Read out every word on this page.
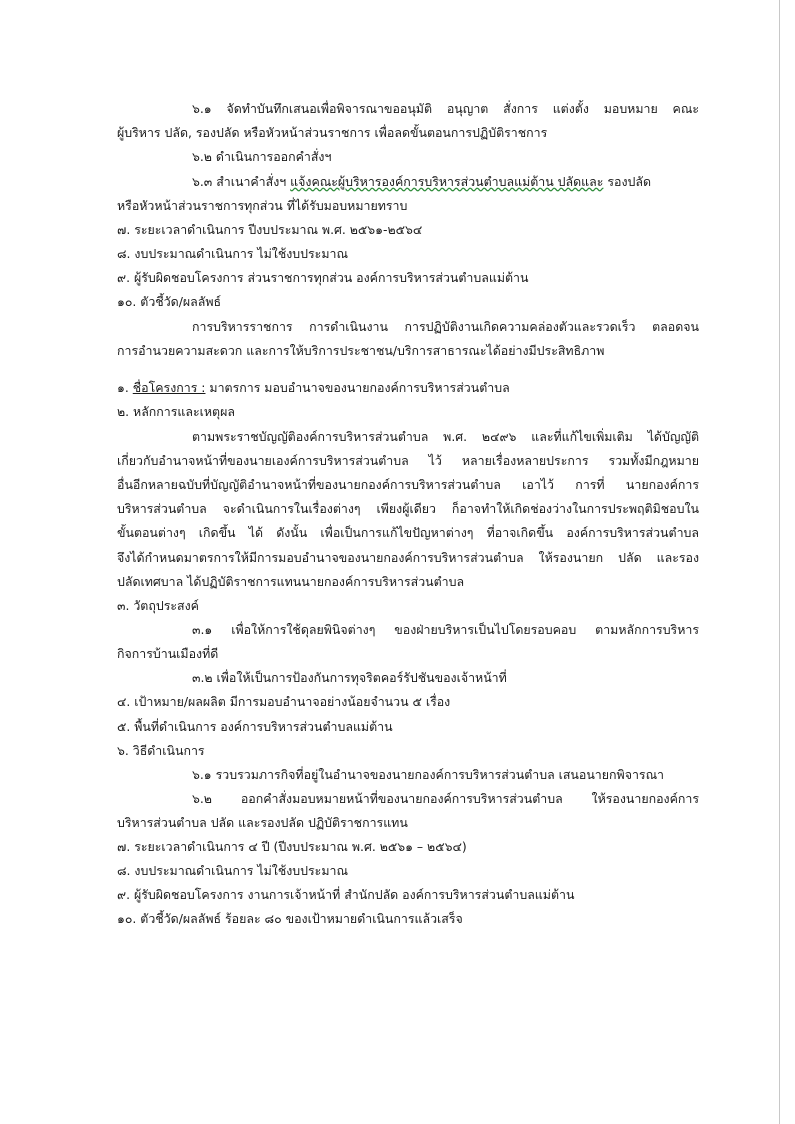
๖.๑ จัดทำบันทึกเสนอเพื่อพิจารณาขออนุมัติ อนุญาต สั่งการ แต่งตั้ง มอบหมาย คณะ
ผู้บริหาร ปลัด, รองปลัด หรือหัวหน้าส่วนราชการ เพื่อลดขั้นตอนการปฏิบัติราชการ
๖.๒ ดำเนินการออกคำสั่งฯ
๖.๓ สำเนาคำสั่งฯ แจ้งคณะผู้บริหารองค์การบริหารส่วนตำบลแม่ต้าน ปลัดและ รองปลัด
หรือหัวหน้าส่วนราชการทุกส่วน ที่ได้รับมอบหมายทราบ
๗. ระยะเวลาดำเนินการ ปีงบประมาณ พ.ศ. ๒๕๖๑-๒๕๖๔
๘. งบประมาณดำเนินการ ไม่ใช้งบประมาณ
๙. ผู้รับผิดชอบโครงการ ส่วนราชการทุกส่วน องค์การบริหารส่วนตำบลแม่ต้าน
๑๐. ตัวชี้วัด/ผลลัพธ์
การบริหารราชการ การดำเนินงาน การปฏิบัติงานเกิดความคล่องตัวและรวดเร็ว ตลอดจน
การอำนวยความสะดวก และการให้บริการประชาชน/บริการสาธารณะได้อย่างมีประสิทธิภาพ
๑. ชื่อโครงการ : มาตรการ มอบอำนาจของนายกองค์การบริหารส่วนตำบล
๒. หลักการและเหตุผล
ตามพระราชบัญญัติองค์การบริหารส่วนตำบล พ.ศ. ๒๔๙๖ และที่แก้ไขเพิ่มเติม ได้บัญญัติ
เกี่ยวกับอำนาจหน้าที่ของนายเองค์การบริหารส่วนตำบล ไว้ หลายเรื่องหลายประการ รวมทั้งมีกฎหมาย
อื่นอีกหลายฉบับที่บัญญัติอำนาจหน้าที่ของนายกองค์การบริหารส่วนตำบล เอาไว้ การที่ นายกองค์การ
บริหารส่วนตำบล จะดำเนินการในเรื่องต่างๆ เพียงผู้เดียว ก็อาจทำให้เกิดช่องว่างในการประพฤติมิชอบใน
ขั้นตอนต่างๆ เกิดขึ้น ได้ ดังนั้น เพื่อเป็นการแก้ไขปัญหาต่างๆ ที่อาจเกิดขึ้น องค์การบริหารส่วนตำบล
จึงได้กำหนดมาตรการให้มีการมอบอำนาจของนายกองค์การบริหารส่วนตำบล ให้รองนายก ปลัด และรอง
ปลัดเทศบาล ได้ปฏิบัติราชการแทนนายกองค์การบริหารส่วนตำบล
๓. วัตถุประสงค์
๓.๑ เพื่อให้การใช้ดุลยพินิจต่างๆ ของฝ่ายบริหารเป็นไปโดยรอบคอบ ตามหลักการบริหาร
กิจการบ้านเมืองที่ดี
๓.๒ เพื่อให้เป็นการป้องกันการทุจริตคอร์รัปชันของเจ้าหน้าที่
๔. เป้าหมาย/ผลผลิต มีการมอบอำนาจอย่างน้อยจำนวน ๕ เรื่อง
๕. พื้นที่ดำเนินการ องค์การบริหารส่วนตำบลแม่ต้าน
๖. วิธีดำเนินการ
๖.๑ รวบรวมภารกิจที่อยู่ในอำนาจของนายกองค์การบริหารส่วนตำบล เสนอนายกพิจารณา
๖.๒ ออกคำสั่งมอบหมายหน้าที่ของนายกองค์การบริหารส่วนตำบล ให้รองนายกองค์การ
บริหารส่วนตำบล ปลัด และรองปลัด ปฏิบัติราชการแทน
๗. ระยะเวลาดำเนินการ ๔ ปี (ปีงบประมาณ พ.ศ. ๒๕๖๑ – ๒๕๖๔)
๘. งบประมาณดำเนินการ ไม่ใช้งบประมาณ
๙. ผู้รับผิดชอบโครงการ งานการเจ้าหน้าที่ สำนักปลัด องค์การบริหารส่วนตำบลแม่ต้าน
๑๐. ตัวชี้วัด/ผลลัพธ์ ร้อยละ ๘๐ ของเป้าหมายดำเนินการแล้วเสร็จ
